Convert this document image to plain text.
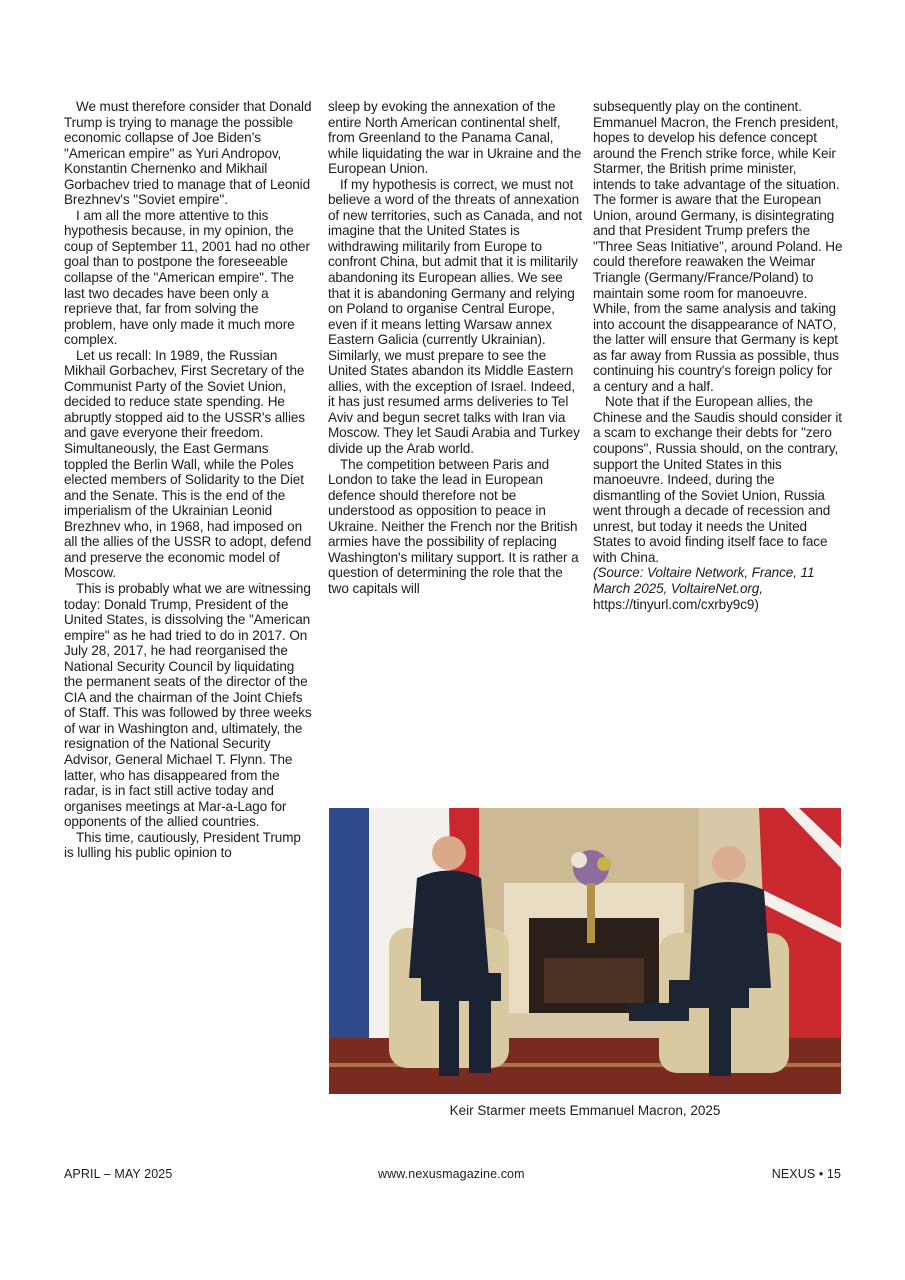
We must therefore consider that Donald Trump is trying to manage the possible economic collapse of Joe Biden’s "American empire" as Yuri Andropov, Konstantin Chernenko and Mikhail Gorbachev tried to manage that of Leonid Brezhnev's "Soviet empire".

I am all the more attentive to this hypothesis because, in my opinion, the coup of September 11, 2001 had no other goal than to postpone the foreseeable collapse of the "American empire". The last two decades have been only a reprieve that, far from solving the problem, have only made it much more complex.

Let us recall: In 1989, the Russian Mikhail Gorbachev, First Secretary of the Communist Party of the Soviet Union, decided to reduce state spending. He abruptly stopped aid to the USSR's allies and gave everyone their freedom. Simultaneously, the East Germans toppled the Berlin Wall, while the Poles elected members of Solidarity to the Diet and the Senate. This is the end of the imperialism of the Ukrainian Leonid Brezhnev who, in 1968, had imposed on all the allies of the USSR to adopt, defend and preserve the economic model of Moscow.

This is probably what we are witnessing today: Donald Trump, President of the United States, is dissolving the "American empire" as he had tried to do in 2017. On July 28, 2017, he had reorganised the National Security Council by liquidating the permanent seats of the director of the CIA and the chairman of the Joint Chiefs of Staff. This was followed by three weeks of war in Washington and, ultimately, the resignation of the National Security Advisor, General Michael T. Flynn. The latter, who has disappeared from the radar, is in fact still active today and organises meetings at Mar-a-Lago for opponents of the allied countries.

This time, cautiously, President Trump is lulling his public opinion to

sleep by evoking the annexation of the entire North American continental shelf, from Greenland to the Panama Canal, while liquidating the war in Ukraine and the European Union.

If my hypothesis is correct, we must not believe a word of the threats of annexation of new territories, such as Canada, and not imagine that the United States is withdrawing militarily from Europe to confront China, but admit that it is militarily abandoning its European allies. We see that it is abandoning Germany and relying on Poland to organise Central Europe, even if it means letting Warsaw annex Eastern Galicia (currently Ukrainian). Similarly, we must prepare to see the United States abandon its Middle Eastern allies, with the exception of Israel. Indeed, it has just resumed arms deliveries to Tel Aviv and begun secret talks with Iran via Moscow. They let Saudi Arabia and Turkey divide up the Arab world.

The competition between Paris and London to take the lead in European defence should therefore not be understood as opposition to peace in Ukraine. Neither the French nor the British armies have the possibility of replacing Washington's military support. It is rather a question of determining the role that the two capitals will

subsequently play on the continent. Emmanuel Macron, the French president, hopes to develop his defence concept around the French strike force, while Keir Starmer, the British prime minister, intends to take advantage of the situation. The former is aware that the European Union, around Germany, is disintegrating and that President Trump prefers the "Three Seas Initiative", around Poland. He could therefore reawaken the Weimar Triangle (Germany/France/Poland) to maintain some room for manoeuvre. While, from the same analysis and taking into account the disappearance of NATO, the latter will ensure that Germany is kept as far away from Russia as possible, thus continuing his country's foreign policy for a century and a half.

Note that if the European allies, the Chinese and the Saudis should consider it a scam to exchange their debts for "zero coupons", Russia should, on the contrary, support the United States in this manoeuvre. Indeed, during the dismantling of the Soviet Union, Russia went through a decade of recession and unrest, but today it needs the United States to avoid finding itself face to face with China.

(Source: Voltaire Network, France, 11 March 2025, VoltaireNet.org,
https://tinyurl.com/cxrby9c9)

Keir Starmer meets Emmanuel Macron, 2025
APRIL – MAY 2025	www.nexusmagazine.com	NEXUS • 15
